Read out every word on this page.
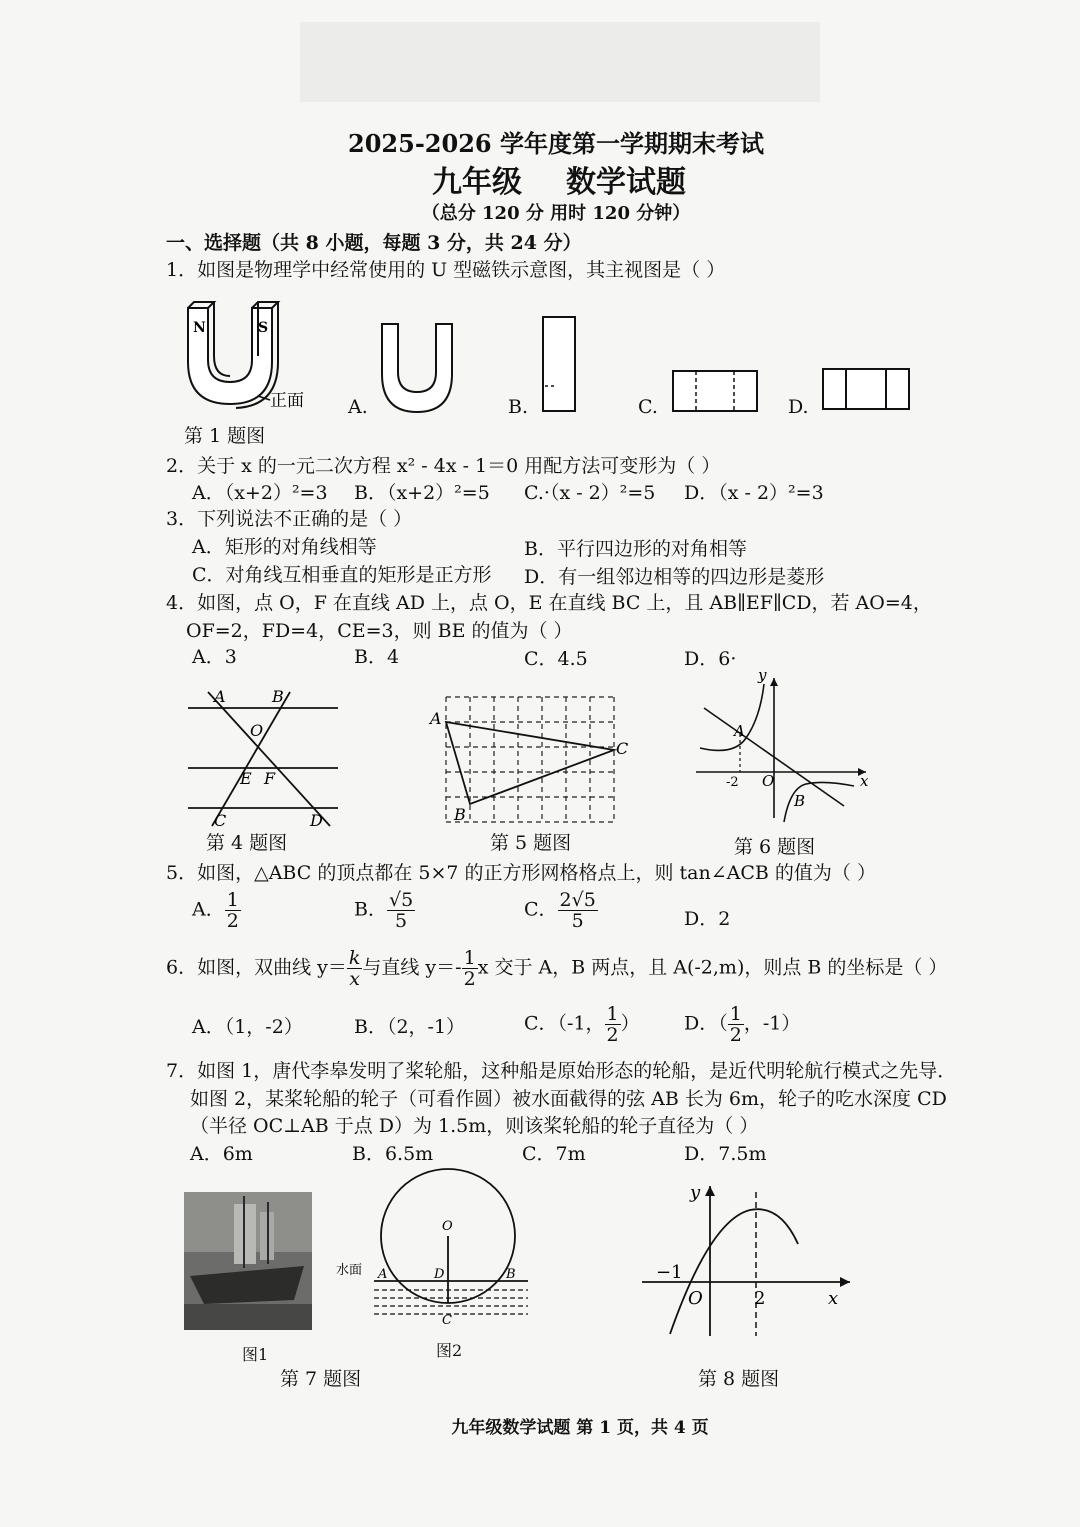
2025-2026 学年度第一学期期末考试
九年级 数学试题
（总分 120 分 用时 120 分钟）
一、选择题（共 8 小题，每题 3 分，共 24 分）
1．如图是物理学中经常使用的 U 型磁铁示意图，其主视图是（ ）
N	S
正面
第 1 题图
A.	B.	C.	D.
2．关于 x 的一元二次方程 x² - 4x - 1＝0 用配方法可变形为（ ）
A．（x+2）²=3 B．（x+2）²=5 C.·（x - 2）²=5 D．（x - 2）²=3
3．下列说法不正确的是（ ）
A．矩形的对角线相等	B．平行四边形的对角相等
C．对角线互相垂直的矩形是正方形 D．有一组邻边相等的四边形是菱形
4．如图，点 O，F 在直线 AD 上，点 O，E 在直线 BC 上，且 AB∥EF∥CD，若 AO=4，
OF=2，FD=4，CE=3，则 BE 的值为（ ）
A．3	B．4	C．4.5	D．6·
A	B
O
E F
C	D
第 4 题图
A
B
C
第 5 题图
y
x
O
A
B
-2
第 6 题图
5．如图，△ABC 的顶点都在 5×7 的正方形网格格点上，则 tan∠ACB 的值为（ ）
A． $\frac{1}{2}$	B． $\frac{√5}{5}$	C． $\frac{2√5}{5}$	D．2
6．如图，双曲线 $y= \frac{k}{x}$ 与直线 $y=- \frac{1}{2}$ x 交于 A，B 两点，且 A(-2,m)，则点 B 的坐标是（ ）
A．（1，-2）	B．（2，-1）	C．（-1， $\frac{1}{2}$ ） D．（ $\frac{1}{2}$ ，-1）
7．如图 1，唐代李皋发明了桨轮船，这种船是原始形态的轮船，是近代明轮航行模式之先导．
如图 2，某桨轮船的轮子（可看作圆）被水面截得的弦 AB 长为 6m，轮子的吃水深度 CD
（半径 OC⊥AB 于点 D）为 1.5m，则该桨轮船的轮子直径为（ ）
A．6m	B．6.5m	C．7m	D．7.5m
图1
O
A	D	B
C
水面
图2
第 7 题图
y
x
O
−1
2
第 8 题图
九年级数学试题 第 1 页，共 4 页
